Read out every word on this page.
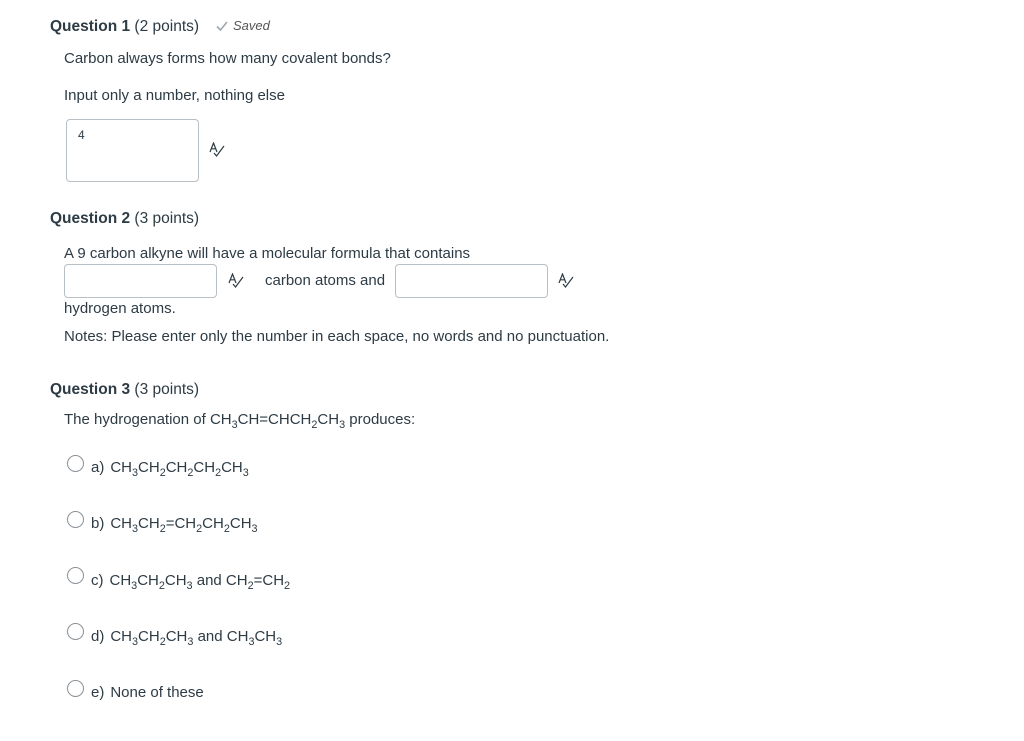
Question 1 (2 points)	Saved
Carbon always forms how many covalent bonds?
Input only a number, nothing else
4
Question 2 (3 points)
A 9 carbon alkyne will have a molecular formula that contains
carbon atoms and
hydrogen atoms.
Notes: Please enter only the number in each space, no words and no punctuation.
Question 3 (3 points)
The hydrogenation of $CH_3CH=CHCH_2CH_3$ produces:
a) $CH_3CH_2CH_2CH_2CH_3$
b) $CH_3CH_2=CH_2CH_2CH_3$
c) $CH_3CH_2CH_3$ and $CH_2=CH_2$
d) $CH_3CH_2CH_3$ and $CH_3CH_3$
e) None of these
